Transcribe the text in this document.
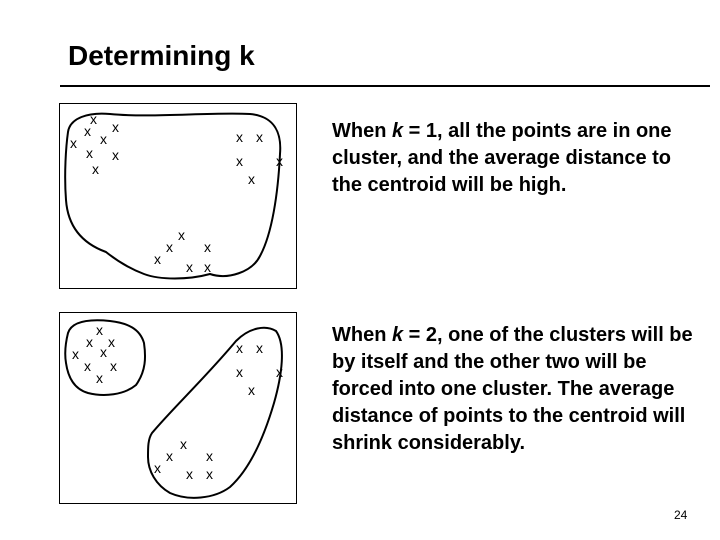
Determining k
x
x x
x x
x x
x
x x
x x
x
x
x x
x x x
When k = 1, all the points are in one cluster, and the average distance to the centroid will be high.
x
x x
x x
x x
x
x x
x x
x
x
x x
x x x
When k = 2, one of the clusters will be by itself and the other two will be forced into one cluster. The average distance of points to the centroid will shrink considerably.
24
